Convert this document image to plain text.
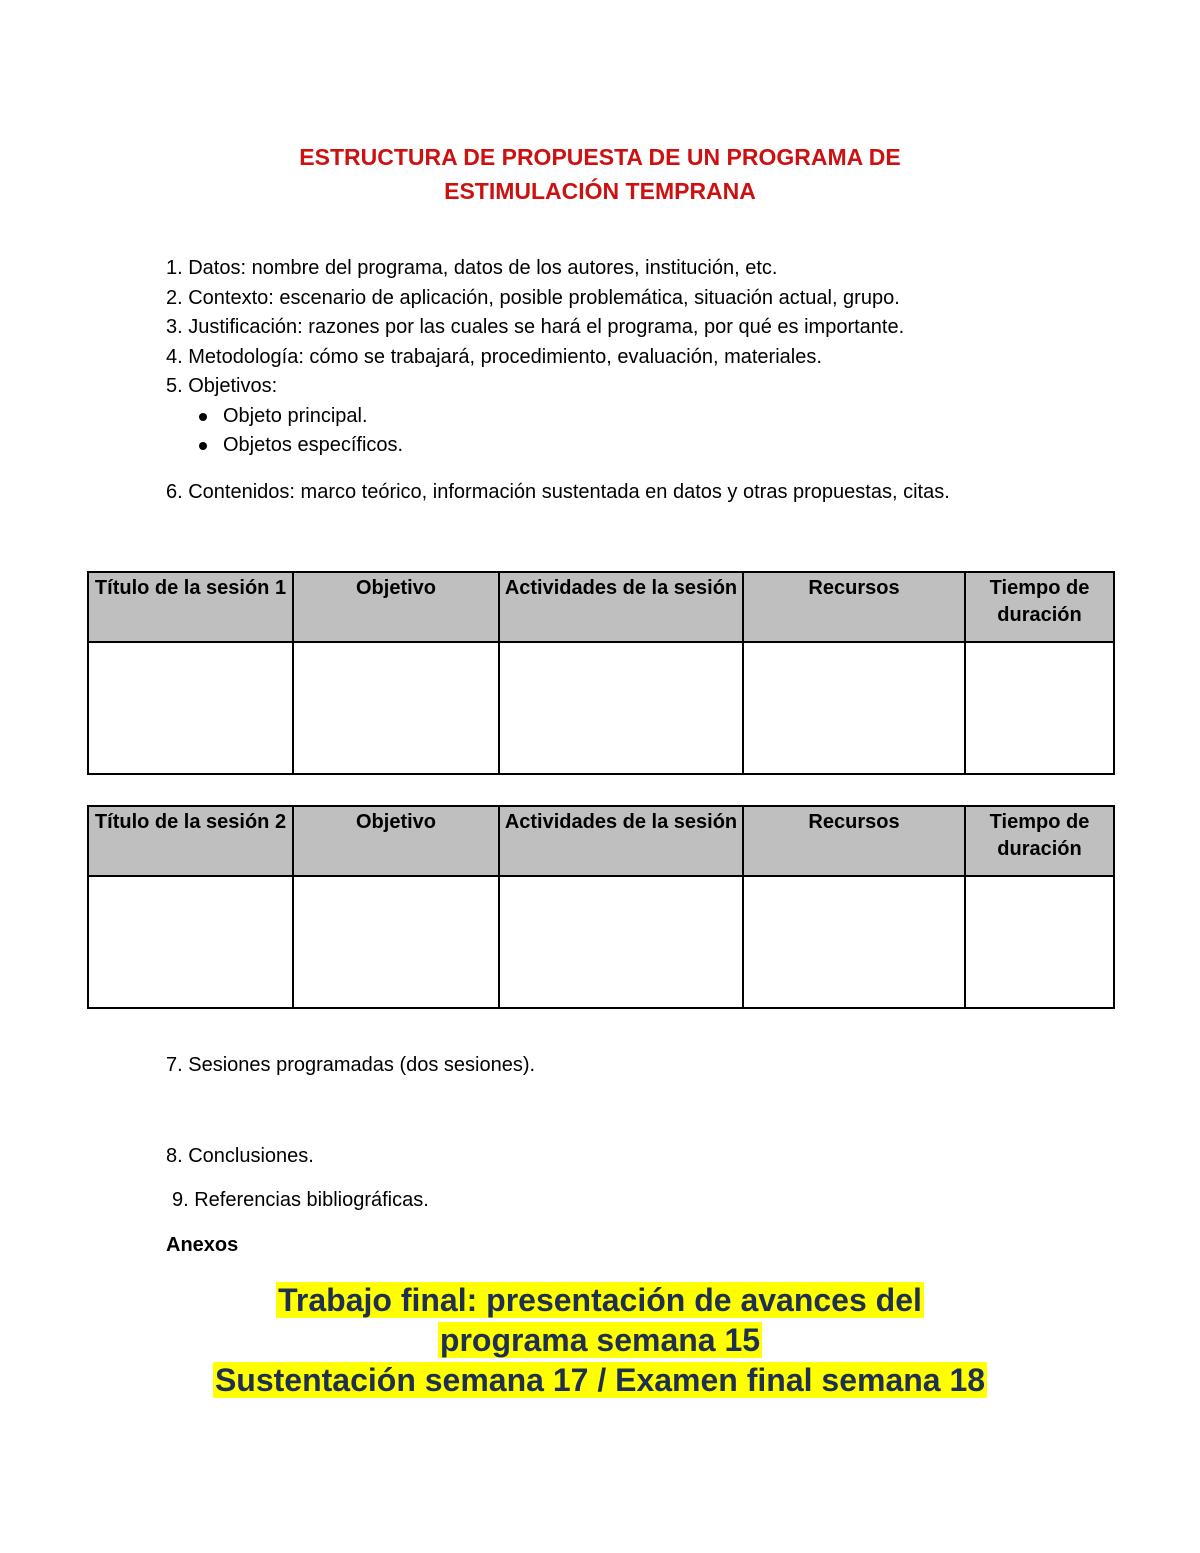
ESTRUCTURA DE PROPUESTA DE UN PROGRAMA DE
ESTIMULACIÓN TEMPRANA
1. Datos: nombre del programa, datos de los autores, institución, etc.
2. Contexto: escenario de aplicación, posible problemática, situación actual, grupo.
3. Justificación: razones por las cuales se hará el programa, por qué es importante.
4. Metodología: cómo se trabajará, procedimiento, evaluación, materiales.
5. Objetivos:
Objeto principal.
Objetos específicos.
6. Contenidos: marco teórico, información sustentada en datos y otras propuestas, citas.
Título de la sesión 1	Objetivo	Actividades de la sesión	Recursos	Tiempo de duración

Título de la sesión 2	Objetivo	Actividades de la sesión	Recursos	Tiempo de duración

7. Sesiones programadas (dos sesiones).
8. Conclusiones.
9. Referencias bibliográficas.
Anexos
Trabajo final: presentación de avances del
programa semana 15
Sustentación semana 17 / Examen final semana 18
